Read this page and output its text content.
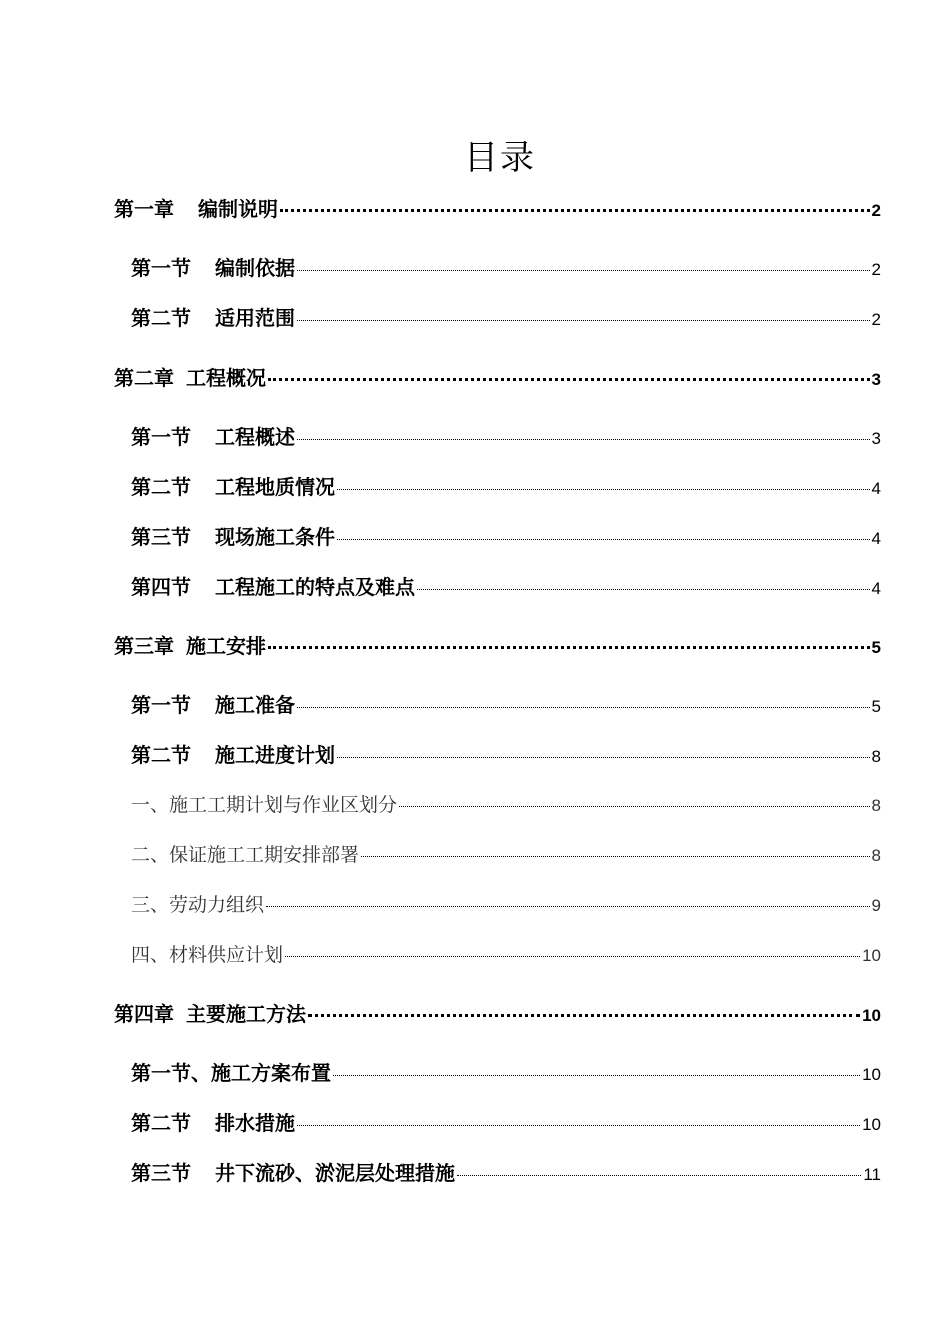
目录
第一章 编制说明	2
第一节 编制依据	2
第二节 适用范围	2
第二章 工程概况	3
第一节 工程概述	3
第二节 工程地质情况	4
第三节 现场施工条件	4
第四节 工程施工的特点及难点	4
第三章 施工安排	5
第一节 施工准备	5
第二节 施工进度计划	8
一、施工工期计划与作业区划分	8
二、保证施工工期安排部署	8
三、劳动力组织	9
四、材料供应计划	10
第四章 主要施工方法	10
第一节、施工方案布置	10
第二节 排水措施	10
第三节 井下流砂、淤泥层处理措施	11
